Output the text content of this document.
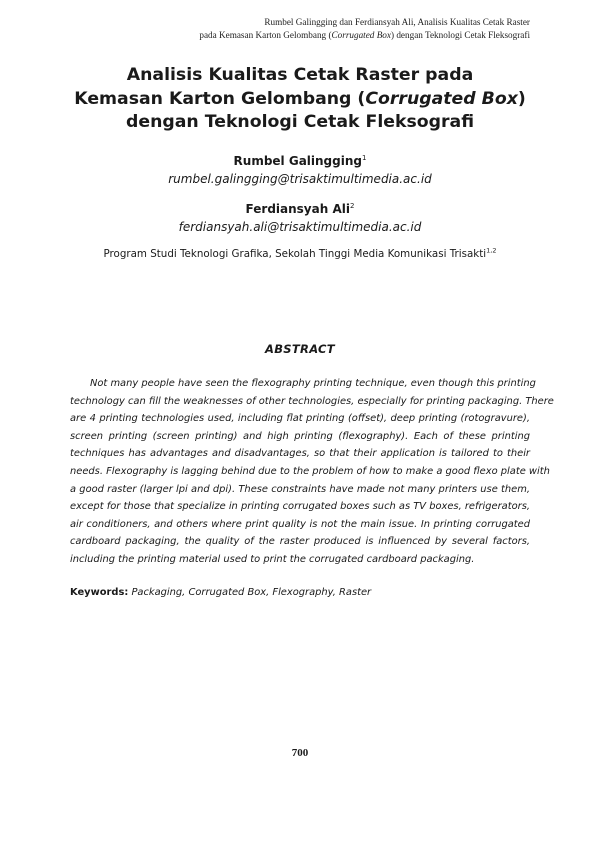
Rumbel Galingging dan Ferdiansyah Ali, Analisis Kualitas Cetak Raster
pada Kemasan Karton Gelombang (Corrugated Box) dengan Teknologi Cetak Fleksografi
Analisis Kualitas Cetak Raster pada
Kemasan Karton Gelombang (Corrugated Box)
dengan Teknologi Cetak Fleksografi
Rumbel Galingging$^1$
rumbel.galingging@trisaktimultimedia.ac.id
Ferdiansyah Ali$^2$
ferdiansyah.ali@trisaktimultimedia.ac.id
Program Studi Teknologi Grafika, Sekolah Tinggi Media Komunikasi Trisakti$^{1,2}$
ABSTRACT
Not many people have seen the flexography printing technique, even though this printing
technology can fill the weaknesses of other technologies, especially for printing packaging. There
are 4 printing technologies used, including flat printing (offset), deep printing (rotogravure),
screen printing (screen printing) and high printing (flexography). Each of these printing
techniques has advantages and disadvantages, so that their application is tailored to their
needs. Flexography is lagging behind due to the problem of how to make a good flexo plate with
a good raster (larger lpi and dpi). These constraints have made not many printers use them,
except for those that specialize in printing corrugated boxes such as TV boxes, refrigerators,
air conditioners, and others where print quality is not the main issue. In printing corrugated
cardboard packaging, the quality of the raster produced is influenced by several factors,
including the printing material used to print the corrugated cardboard packaging.
Keywords: Packaging, Corrugated Box, Flexography, Raster
700
